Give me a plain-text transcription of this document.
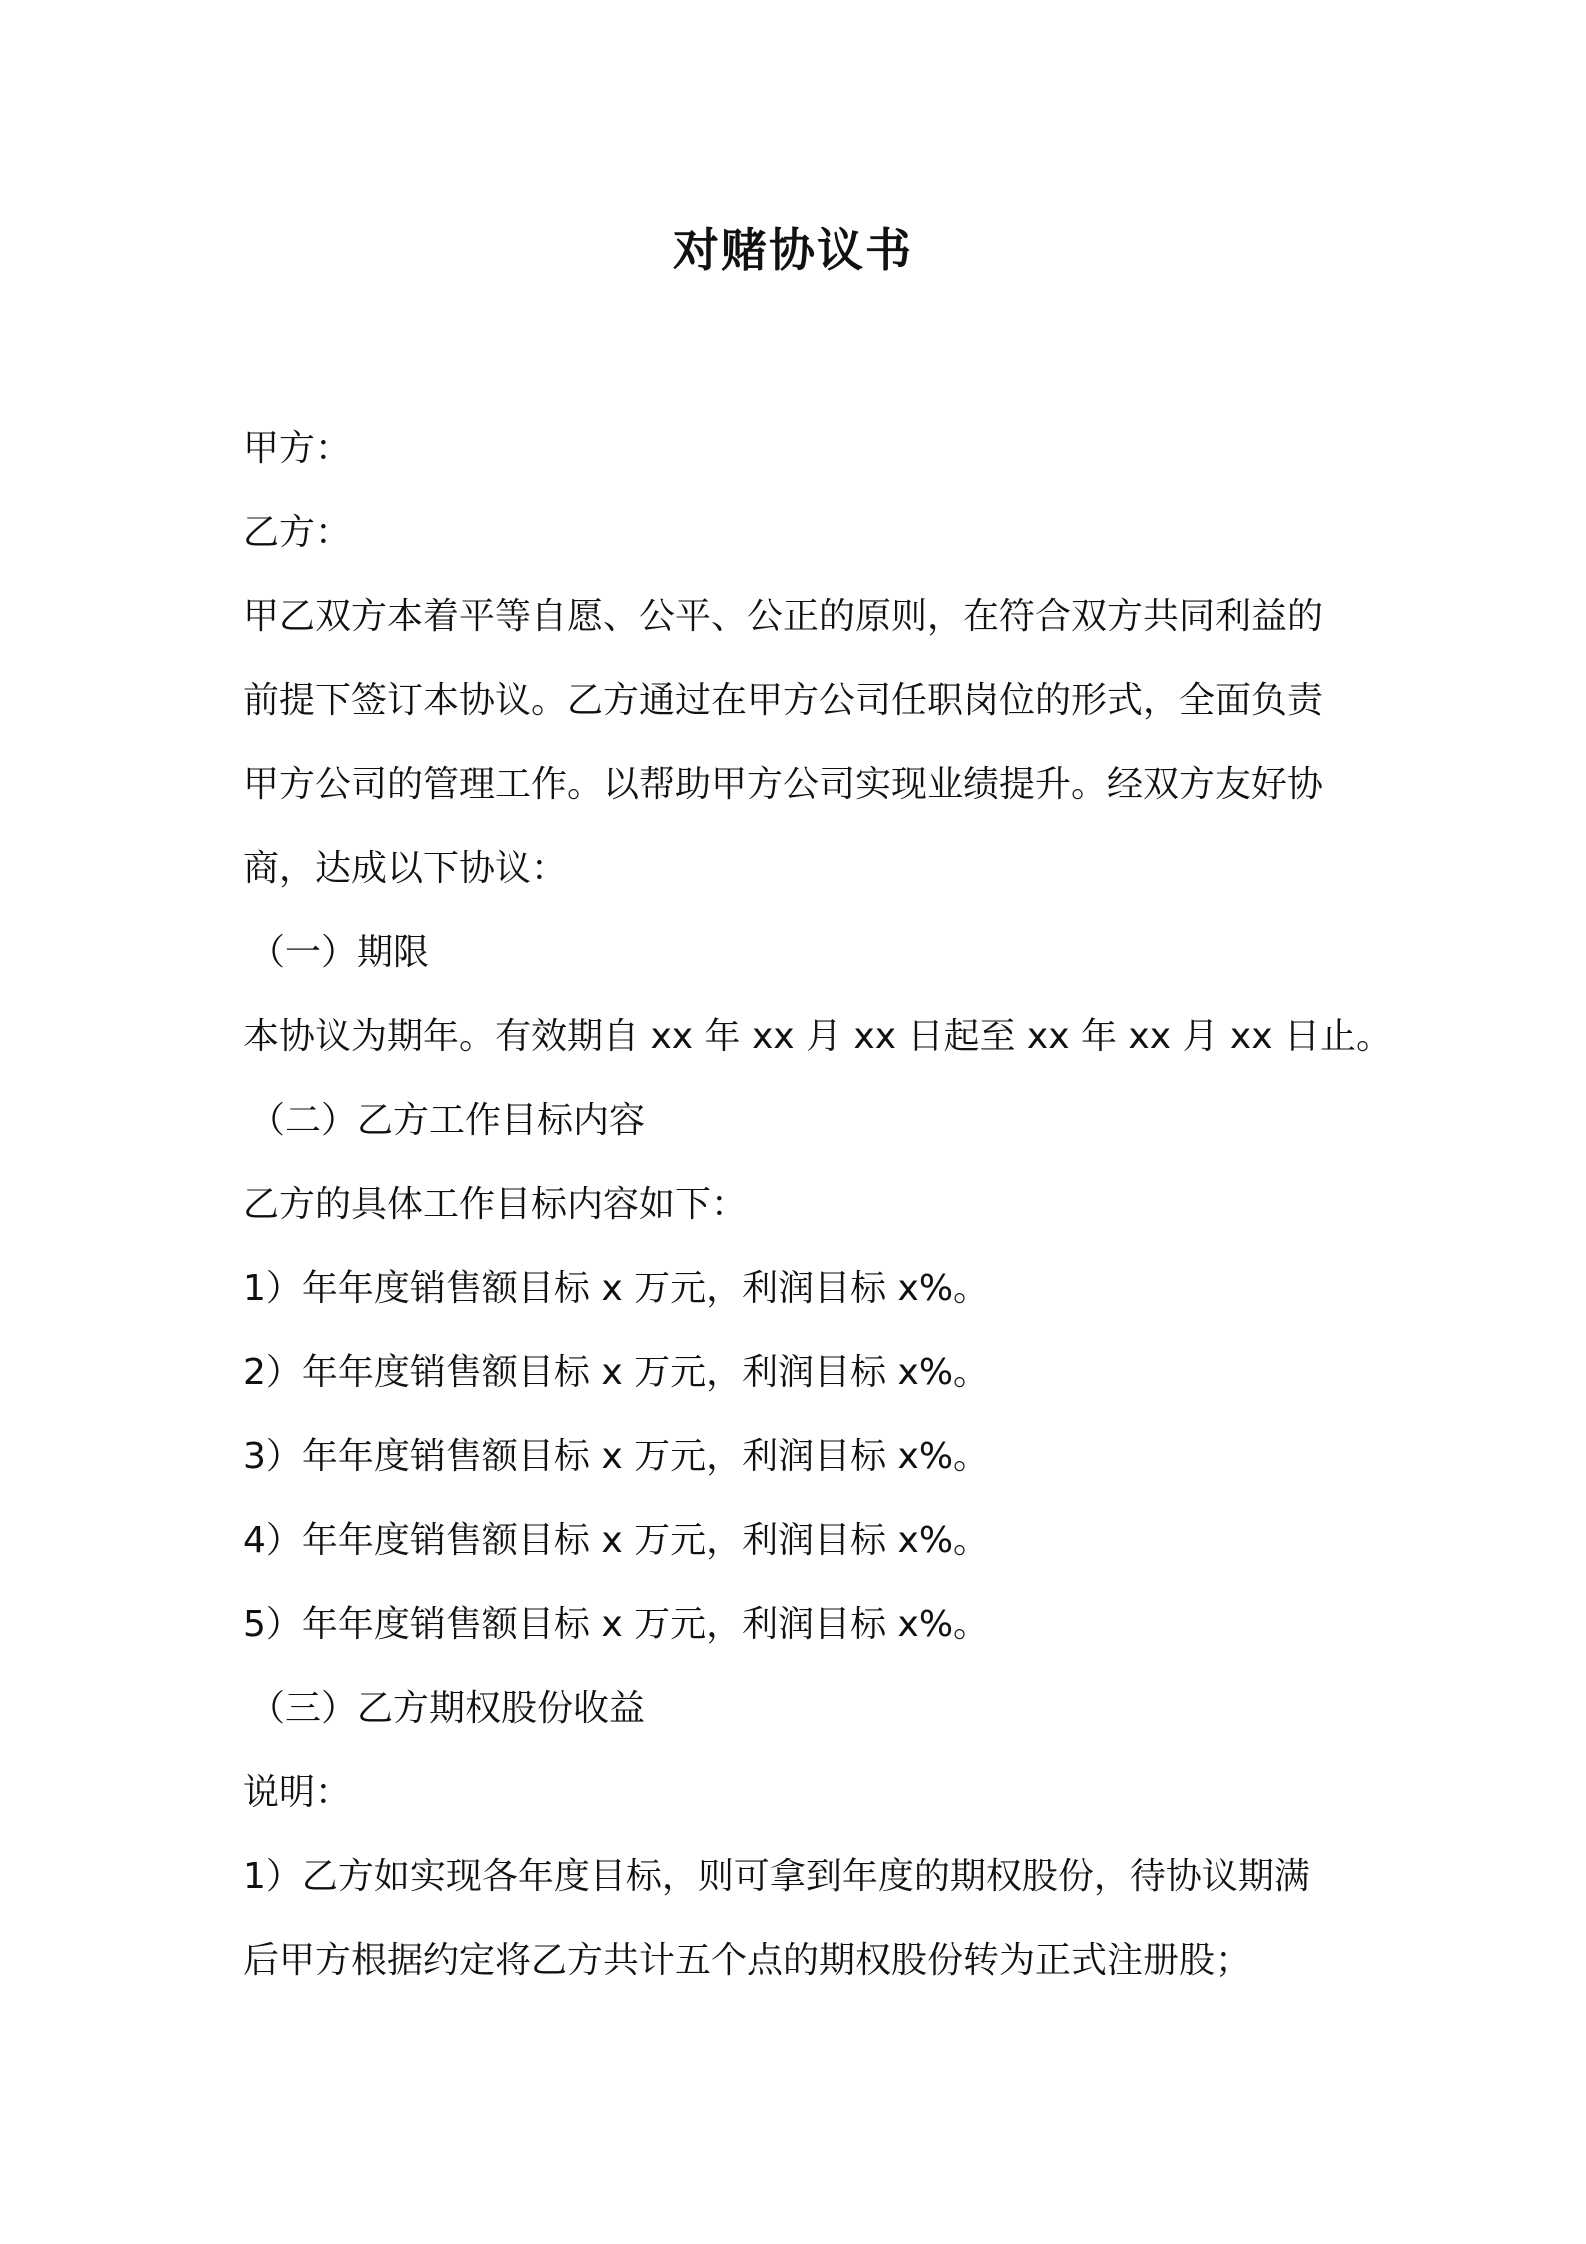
对赌协议书

甲方：

乙方：

甲乙双方本着平等自愿、公平、公正的原则，在符合双方共同利益的

前提下签订本协议。乙方通过在甲方公司任职岗位的形式，全面负责

甲方公司的管理工作。以帮助甲方公司实现业绩提升。经双方友好协

商，达成以下协议：

（一）期限

本协议为期年。有效期自 xx 年 xx 月 xx 日起至 xx 年 xx 月 xx 日止。

（二）乙方工作目标内容

乙方的具体工作目标内容如下：

1）年年度销售额目标 x 万元，利润目标 x%。

2）年年度销售额目标 x 万元，利润目标 x%。

3）年年度销售额目标 x 万元，利润目标 x%。

4）年年度销售额目标 x 万元，利润目标 x%。

5）年年度销售额目标 x 万元，利润目标 x%。

（三）乙方期权股份收益

说明：

1）乙方如实现各年度目标，则可拿到年度的期权股份，待协议期满

后甲方根据约定将乙方共计五个点的期权股份转为正式注册股；
